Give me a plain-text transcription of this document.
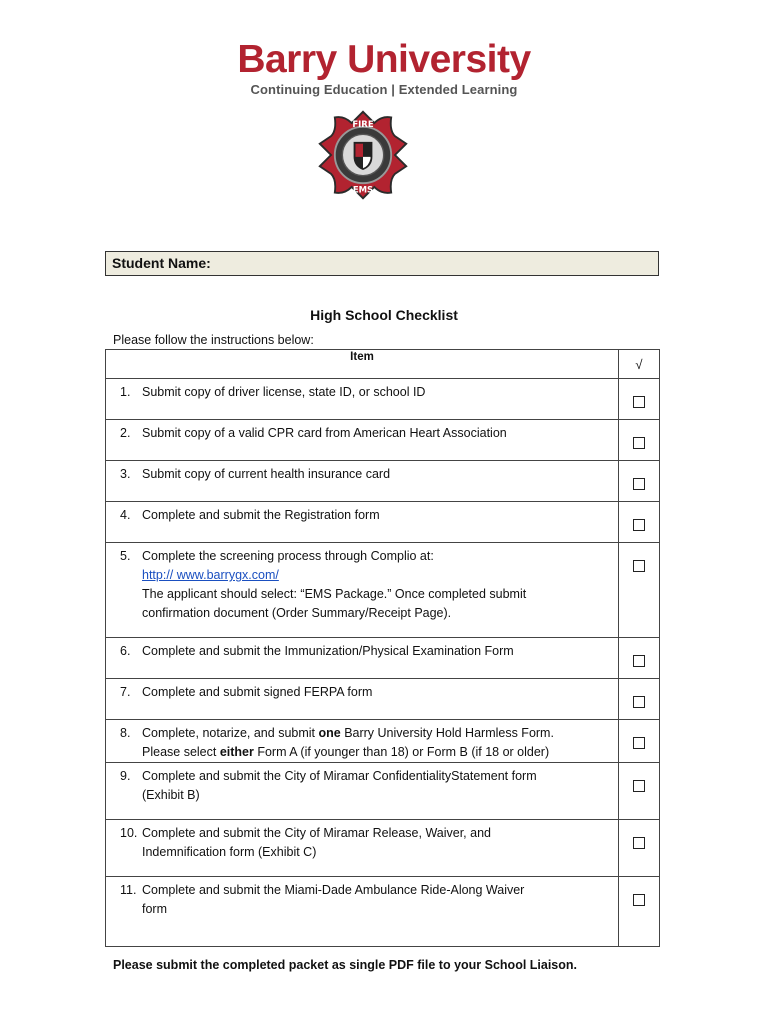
Barry University
Continuing Education | Extended Learning
FIRE
EMS
Student Name:
High School Checklist
Please follow the instructions below:
Item	√
1. Submit copy of driver license, state ID, or school ID	
2. Submit copy of a valid CPR card from American Heart Association	
3. Submit copy of current health insurance card	
4. Complete and submit the Registration form	
5. Complete the screening process through Complio at:
http:// www.barrygx.com/
The applicant should select: “EMS Package.” Once completed submit
confirmation document (Order Summary/Receipt Page).	
6. Complete and submit the Immunization/Physical Examination Form	
7. Complete and submit signed FERPA form	
8. Complete, notarize, and submit one Barry University Hold Harmless Form.
Please select either Form A (if younger than 18) or Form B (if 18 or older)	
9. Complete and submit the City of Miramar ConfidentialityStatement form
(Exhibit B)	
10. Complete and submit the City of Miramar Release, Waiver, and
Indemnification form (Exhibit C)	
11. Complete and submit the Miami-Dade Ambulance Ride-Along Waiver
form	
Please submit the completed packet as single PDF file to your School Liaison.
